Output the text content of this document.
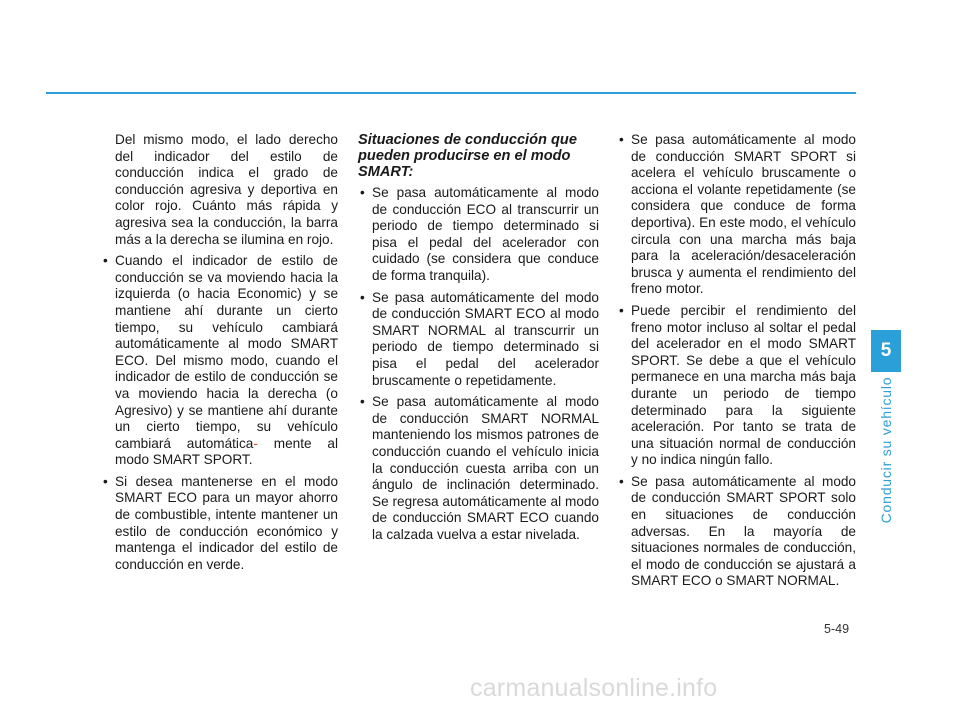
Del mismo modo, el lado derecho del indicador del estilo de conducción indica el grado de conducción agresiva y deportiva en color rojo. Cuánto más rápida y agresiva sea la conducción, la barra más a la derecha se ilumina en rojo.

• Cuando el indicador de estilo de conducción se va moviendo hacia la izquierda (o hacia Economic) y se mantiene ahí durante un cierto tiempo, su vehículo cambiará automáticamente al modo SMART ECO. Del mismo modo, cuando el indicador de estilo de conducción se va moviendo hacia la derecha (o Agresivo) y se mantiene ahí durante un cierto tiempo, su vehículo cambiará automática- mente al modo SMART SPORT.
• Si desea mantenerse en el modo SMART ECO para un mayor ahorro de combustible, intente mantener un estilo de conducción económico y mantenga el indicador del estilo de conducción en verde.

Situaciones de conducción que pueden producirse en el modo SMART:

• Se pasa automáticamente al modo de conducción ECO al transcurrir un periodo de tiempo determinado si pisa el pedal del acelerador con cuidado (se considera que conduce de forma tranquila).
• Se pasa automáticamente del modo de conducción SMART ECO al modo SMART NORMAL al transcurrir un periodo de tiempo determinado si pisa el pedal del acelerador bruscamente o repetidamente.
• Se pasa automáticamente al modo de conducción SMART NORMAL manteniendo los mismos patrones de conducción cuando el vehículo inicia la conducción cuesta arriba con un ángulo de inclinación determinado. Se regresa automáticamente al modo de conducción SMART ECO cuando la calzada vuelva a estar nivelada.
• Se pasa automáticamente al modo de conducción SMART SPORT si acelera el vehículo bruscamente o acciona el volante repetidamente (se considera que conduce de forma deportiva). En este modo, el vehículo circula con una marcha más baja para la aceleración/desaceleración brusca y aumenta el rendimiento del freno motor.
• Puede percibir el rendimiento del freno motor incluso al soltar el pedal del acelerador en el modo SMART SPORT. Se debe a que el vehículo permanece en una marcha más baja durante un periodo de tiempo determinado para la siguiente aceleración. Por tanto se trata de una situación normal de conducción y no indica ningún fallo.
• Se pasa automáticamente al modo de conducción SMART SPORT solo en situaciones de conducción adversas. En la mayoría de situaciones normales de conducción, el modo de conducción se ajustará a SMART ECO o SMART NORMAL.
5
Conducir su vehículo
5-49
carmanualsonline.info
